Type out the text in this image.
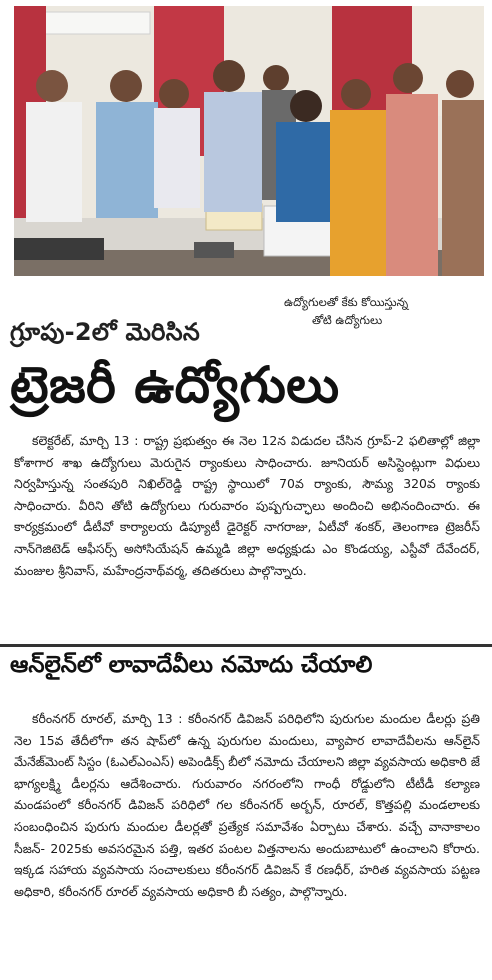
ఉద్యోగులతో కేకు కోయిస్తున్న
తోటి ఉద్యోగులు
గ్రూపు-2లో మెరిసిన
ట్రెజరీ ఉద్యోగులు

కలెక్టరేట్, మార్చి 13 : రాష్ట్ర ప్రభుత్వం ఈ నెల 12న విడుదల చేసిన గ్రూప్-2 ఫలితాల్లో జిల్లా కోశాగార శాఖ ఉద్యోగులు మెరుగైన ర్యాంకులు సాధించారు. జూనియర్ అసిస్టెంట్లుగా విధులు నిర్వహిస్తున్న సంతపురి నిఖిల్‌రెడ్డి రాష్ట్ర స్థాయిలో 70వ ర్యాంకు, సౌమ్య 320వ ర్యాంకు సాధించారు. వీరిని తోటి ఉద్యోగులు గురువారం పుష్పగుచ్ఛాలు అందించి అభినందించారు. ఈ కార్యక్రమంలో డీటీవో కార్యాలయ డిప్యూటీ డైరెక్టర్ నాగరాజు, ఏటీవో శంకర్, తెలంగాణ ట్రెజరీస్ నాన్‌గెజిటెడ్ ఆఫీసర్స్ అసోసియేషన్ ఉమ్మడి జిల్లా అధ్యక్షుడు ఎం కొండయ్య, ఎస్టీవో దేవేందర్, మంజుల శ్రీనివాస్, మహేంద్రనాథ్‌వర్మ, తదితరులు పాల్గొన్నారు.

ఆన్‌లైన్‌లో లావాదేవీలు నమోదు చేయాలి

కరీంనగర్ రూరల్, మార్చి 13 : కరీంనగర్ డివిజన్ పరిధిలోని పురుగుల మందుల డీలర్లు ప్రతి నెల 15వ తేదీలోగా తన షాప్‌లో ఉన్న పురుగుల మందులు, వ్యాపార లావాదేవీలను ఆన్‌లైన్ మేనేజ్‌మెంట్ సిస్టం (ఓఎల్ఎంఎస్) అపెండిక్స్ బీలో నమోదు చేయాలని జిల్లా వ్యవసాయ అధికారి జే భాగ్యలక్ష్మి డీలర్లను ఆదేశించారు. గురువారం నగరంలోని గాంధీ రోడ్డులోని టీటీడీ కల్యాణ మండపంలో కరీంనగర్ డివిజన్ పరిధిలో గల కరీంనగర్ అర్బన్, రూరల్, కొత్తపల్లి మండలాలకు సంబంధించిన పురుగు మందుల డీలర్లతో ప్రత్యేక సమావేశం ఏర్పాటు చేశారు. వచ్చే వానాకాలం సీజన్- 2025కు అవసరమైన పత్తి, ఇతర పంటల విత్తనాలను అందుబాటులో ఉంచాలని కోరారు. ఇక్కడ సహాయ వ్యవసాయ సంచాలకులు కరీంనగర్ డివిజన్ కే రణధీర్, హరిత వ్యవసాయ పట్టణ అధికారి, కరీంనగర్ రూరల్ వ్యవసాయ అధికారి బీ సత్యం, పాల్గొన్నారు.
